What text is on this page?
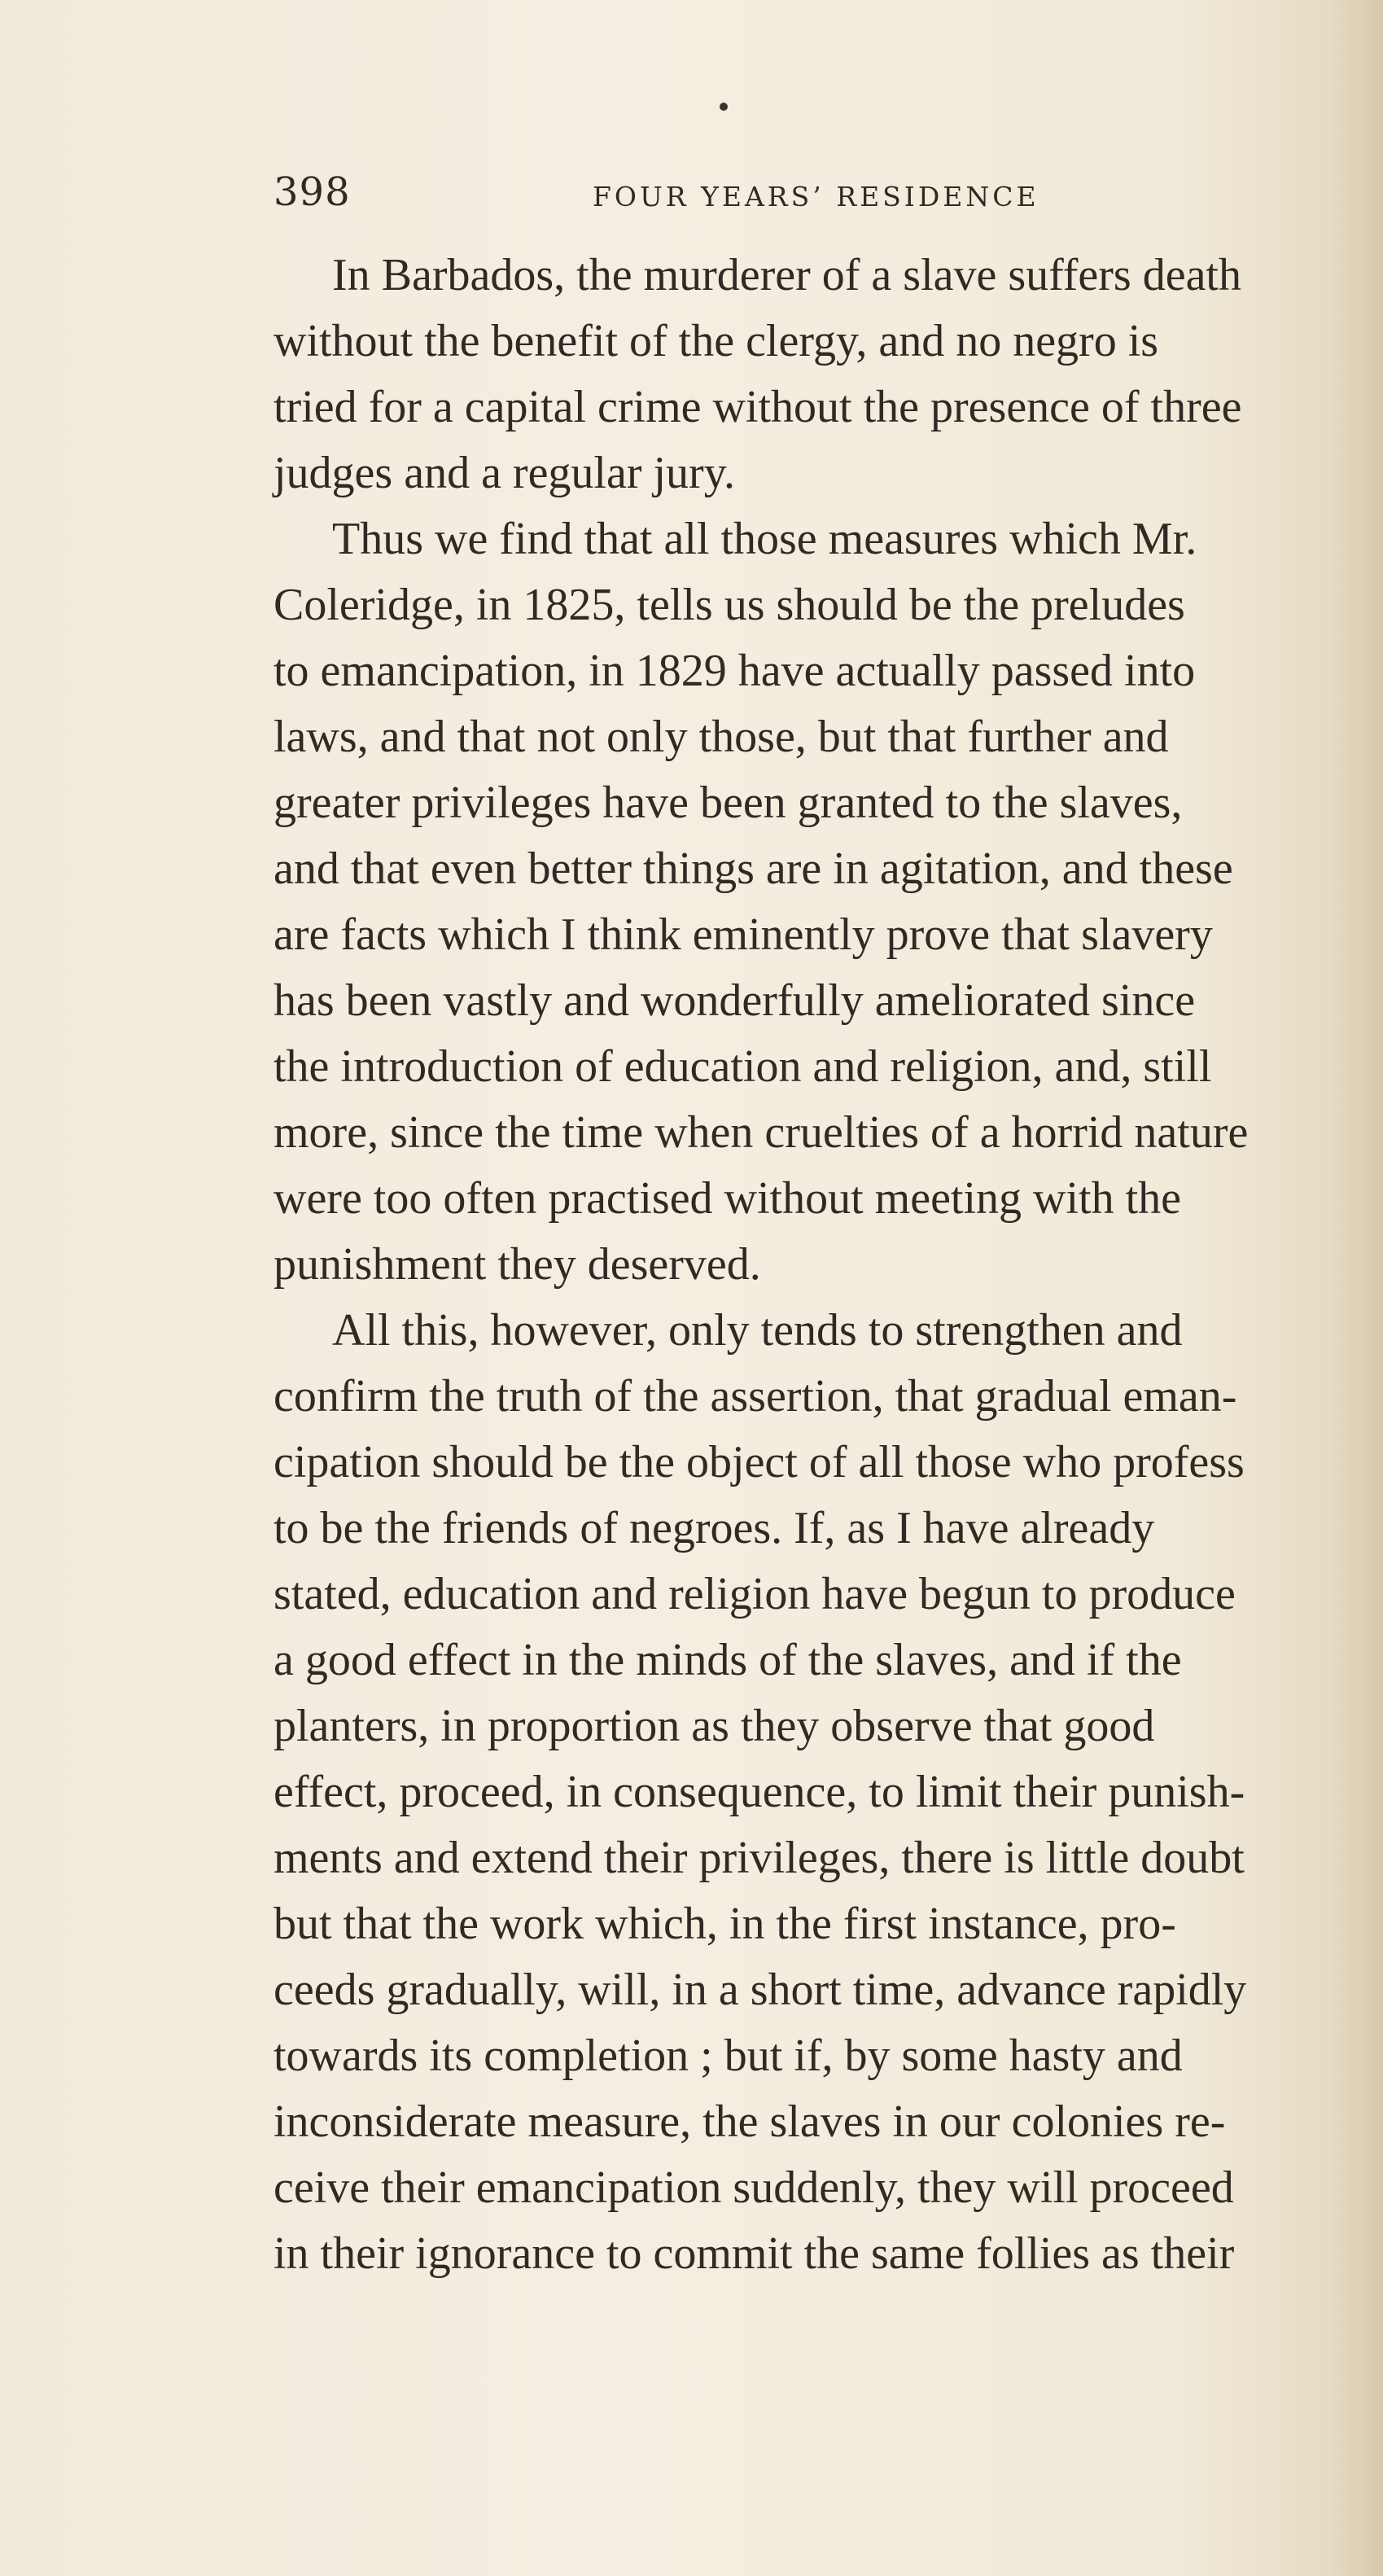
398	FOUR YEARS’ RESIDENCE
In Barbados, the murderer of a slave suffers death
without the benefit of the clergy, and no negro is
tried for a capital crime without the presence of three
judges and a regular jury.
Thus we find that all those measures which Mr.
Coleridge, in 1825, tells us should be the preludes
to emancipation, in 1829 have actually passed into
laws, and that not only those, but that further and
greater privileges have been granted to the slaves,
and that even better things are in agitation, and these
are facts which I think eminently prove that slavery
has been vastly and wonderfully ameliorated since
the introduction of education and religion, and, still
more, since the time when cruelties of a horrid nature
were too often practised without meeting with the
punishment they deserved.
All this, however, only tends to strengthen and
confirm the truth of the assertion, that gradual eman-
cipation should be the object of all those who profess
to be the friends of negroes. If, as I have already
stated, education and religion have begun to produce
a good effect in the minds of the slaves, and if the
planters, in proportion as they observe that good
effect, proceed, in consequence, to limit their punish-
ments and extend their privileges, there is little doubt
but that the work which, in the first instance, pro-
ceeds gradually, will, in a short time, advance rapidly
towards its completion ; but if, by some hasty and
inconsiderate measure, the slaves in our colonies re-
ceive their emancipation suddenly, they will proceed
in their ignorance to commit the same follies as their
